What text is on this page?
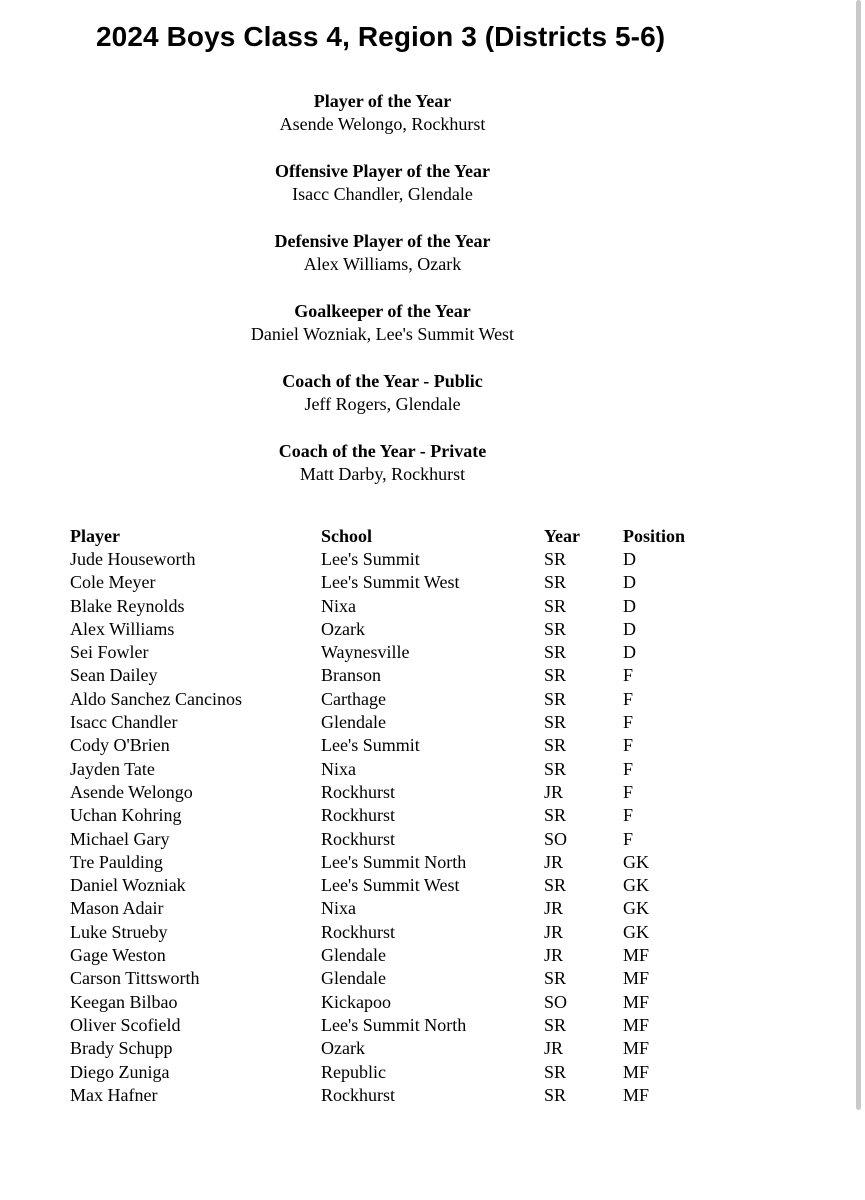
2024 Boys Class 4, Region 3 (Districts 5-6)
Player of the Year
Asende Welongo, Rockhurst
Offensive Player of the Year
Isacc Chandler, Glendale
Defensive Player of the Year
Alex Williams, Ozark
Goalkeeper of the Year
Daniel Wozniak, Lee's Summit West
Coach of the Year - Public
Jeff Rogers, Glendale
Coach of the Year - Private
Matt Darby, Rockhurst
Player	School	Year	Position
Jude Houseworth	Lee's Summit	SR	D
Cole Meyer	Lee's Summit West	SR	D
Blake Reynolds	Nixa	SR	D
Alex Williams	Ozark	SR	D
Sei Fowler	Waynesville	SR	D
Sean Dailey	Branson	SR	F
Aldo Sanchez Cancinos	Carthage	SR	F
Isacc Chandler	Glendale	SR	F
Cody O'Brien	Lee's Summit	SR	F
Jayden Tate	Nixa	SR	F
Asende Welongo	Rockhurst	JR	F
Uchan Kohring	Rockhurst	SR	F
Michael Gary	Rockhurst	SO	F
Tre Paulding	Lee's Summit North	JR	GK
Daniel Wozniak	Lee's Summit West	SR	GK
Mason Adair	Nixa	JR	GK
Luke Strueby	Rockhurst	JR	GK
Gage Weston	Glendale	JR	MF
Carson Tittsworth	Glendale	SR	MF
Keegan Bilbao	Kickapoo	SO	MF
Oliver Scofield	Lee's Summit North	SR	MF
Brady Schupp	Ozark	JR	MF
Diego Zuniga	Republic	SR	MF
Max Hafner	Rockhurst	SR	MF
